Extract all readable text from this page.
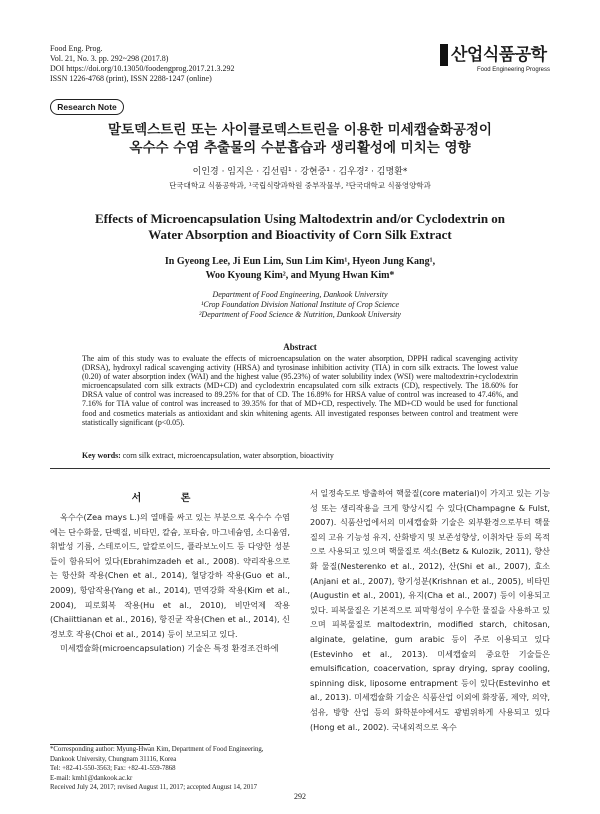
Food Eng. Prog.
Vol. 21, No. 3. pp. 292~298 (2017.8)
DOI https://doi.org/10.13050/foodengprog.2017.21.3.292
ISSN 1226-4768 (print), ISSN 2288-1247 (online)
산업식품공학
Food Engineering Progress
Research Note
말토덱스트린 또는 사이클로덱스트린을 이용한 미세캡슐화공정이
옥수수 수염 추출물의 수분흡습과 생리활성에 미치는 영향
이인경 · 임지은 · 김선림¹ · 강현중¹ · 김우경² · 김명환*
단국대학교 식품공학과, ¹국립식량과학원 중부작물부, ²단국대학교 식품영양학과
Effects of Microencapsulation Using Maltodextrin and/or Cyclodextrin on
Water Absorption and Bioactivity of Corn Silk Extract
In Gyeong Lee, Ji Eun Lim, Sun Lim Kim¹, Hyeon Jung Kang¹,
Woo Kyoung Kim², and Myung Hwan Kim*
Department of Food Engineering, Dankook University
¹Crop Foundation Division National Institute of Crop Science
²Department of Food Science & Nutrition, Dankook University
Abstract
The aim of this study was to evaluate the effects of microencapsulation on the water absorption, DPPH radical scavenging activity (DRSA), hydroxyl radical scavenging activity (HRSA) and tyrosinase inhibition activity (TIA) in corn silk extracts. The lowest value (0.20) of water absorption index (WAI) and the highest value (95.23%) of water solubility index (WSI) were maltodextrin+cyclodextrin microencapsulated corn silk extracts (MD+CD) and cyclodextrin encapsulated corn silk extracts (CD), respectively. The 18.60% for DRSA value of control was increased to 89.25% for that of CD. The 16.89% for HRSA value of control was increased to 47.46%, and 7.16% for TIA value of control was increased to 39.35% for that of MD+CD, respectively. The MD+CD would be used for functional food and cosmetics materials as antioxidant and skin whitening agents. All investigated responses between control and treatment were statistically significant (p<0.05).
Key words: corn silk extract, microencapsulation, water absorption, bioactivity
서 론

옥수수(Zea mays L.)의 열매를 싸고 있는 부분으로 옥수수 수염에는 단수화물, 단백질, 비타민, 칼슘, 포타슘, 마그네슘염, 소디움염, 휘발성 기름, 스테로이드, 알칼로이드, 플라보노이드 등 다양한 성분들이 함유되어 있다(Ebrahimzadeh et al., 2008). 약리작용으로는 항산화 작용(Chen et al., 2014), 혈당강하 작용(Guo et al., 2009), 항암작용(Yang et al., 2014), 면역강화 작용(Kim et al., 2004), 피로회복 작용(Hu et al., 2010), 비만억제 작용(Chaiittianan et al., 2016), 항진균 작용(Chen et al., 2014), 신경보호 작용(Choi et al., 2014) 등이 보고되고 있다.

미세캡슐화(microencapsulation) 기술은 특정 환경조건하에

서 일정속도로 방출하여 핵물질(core material)이 가지고 있는 기능성 또는 생리작용을 크게 향상시킬 수 있다(Champagne & Fulst, 2007). 식품산업에서의 미세캡슐화 기술은 외부환경으로부터 핵물질의 고유 기능성 유지, 산화방지 및 보존성향상, 이취차단 등의 목적으로 사용되고 있으며 핵물질로 색소(Betz & Kulozik, 2011), 향산화 물질(Nesterenko et al., 2012), 산(Shi et al., 2007), 효소(Anjani et al., 2007), 향기성분(Krishnan et al., 2005), 비타민(Augustin et al., 2001), 유지(Cha et al., 2007) 등이 이용되고 있다. 피복물질은 기본적으로 피막형성이 우수한 물질을 사용하고 있으며 피복물질로 maltodextrin, modified starch, chitosan, alginate, gelatine, gum arabic 등이 주로 이용되고 있다(Estevinho et al., 2013). 미세캡슐의 중요한 기술들은 emulsification, coacervation, spray drying, spray cooling, spinning disk, liposome entrapment 등이 있다(Estevinho et al., 2013). 미세캡슐화 기술은 식품산업 이외에 화장품, 제약, 의약, 섬유, 방향 산업 등의 화학분야에서도 광범위하게 사용되고 있다(Hong et al., 2002). 국내외적으로 옥수

*Corresponding author: Myung-Hwan Kim, Department of Food Engineering, Dankook University, Chungnam 31116, Korea
Tel: +82-41-550-3563; Fax: +82-41-559-7868
E-mail: kmh1@dankook.ac.kr
Received July 24, 2017; revised August 11, 2017; accepted August 14, 2017
292
